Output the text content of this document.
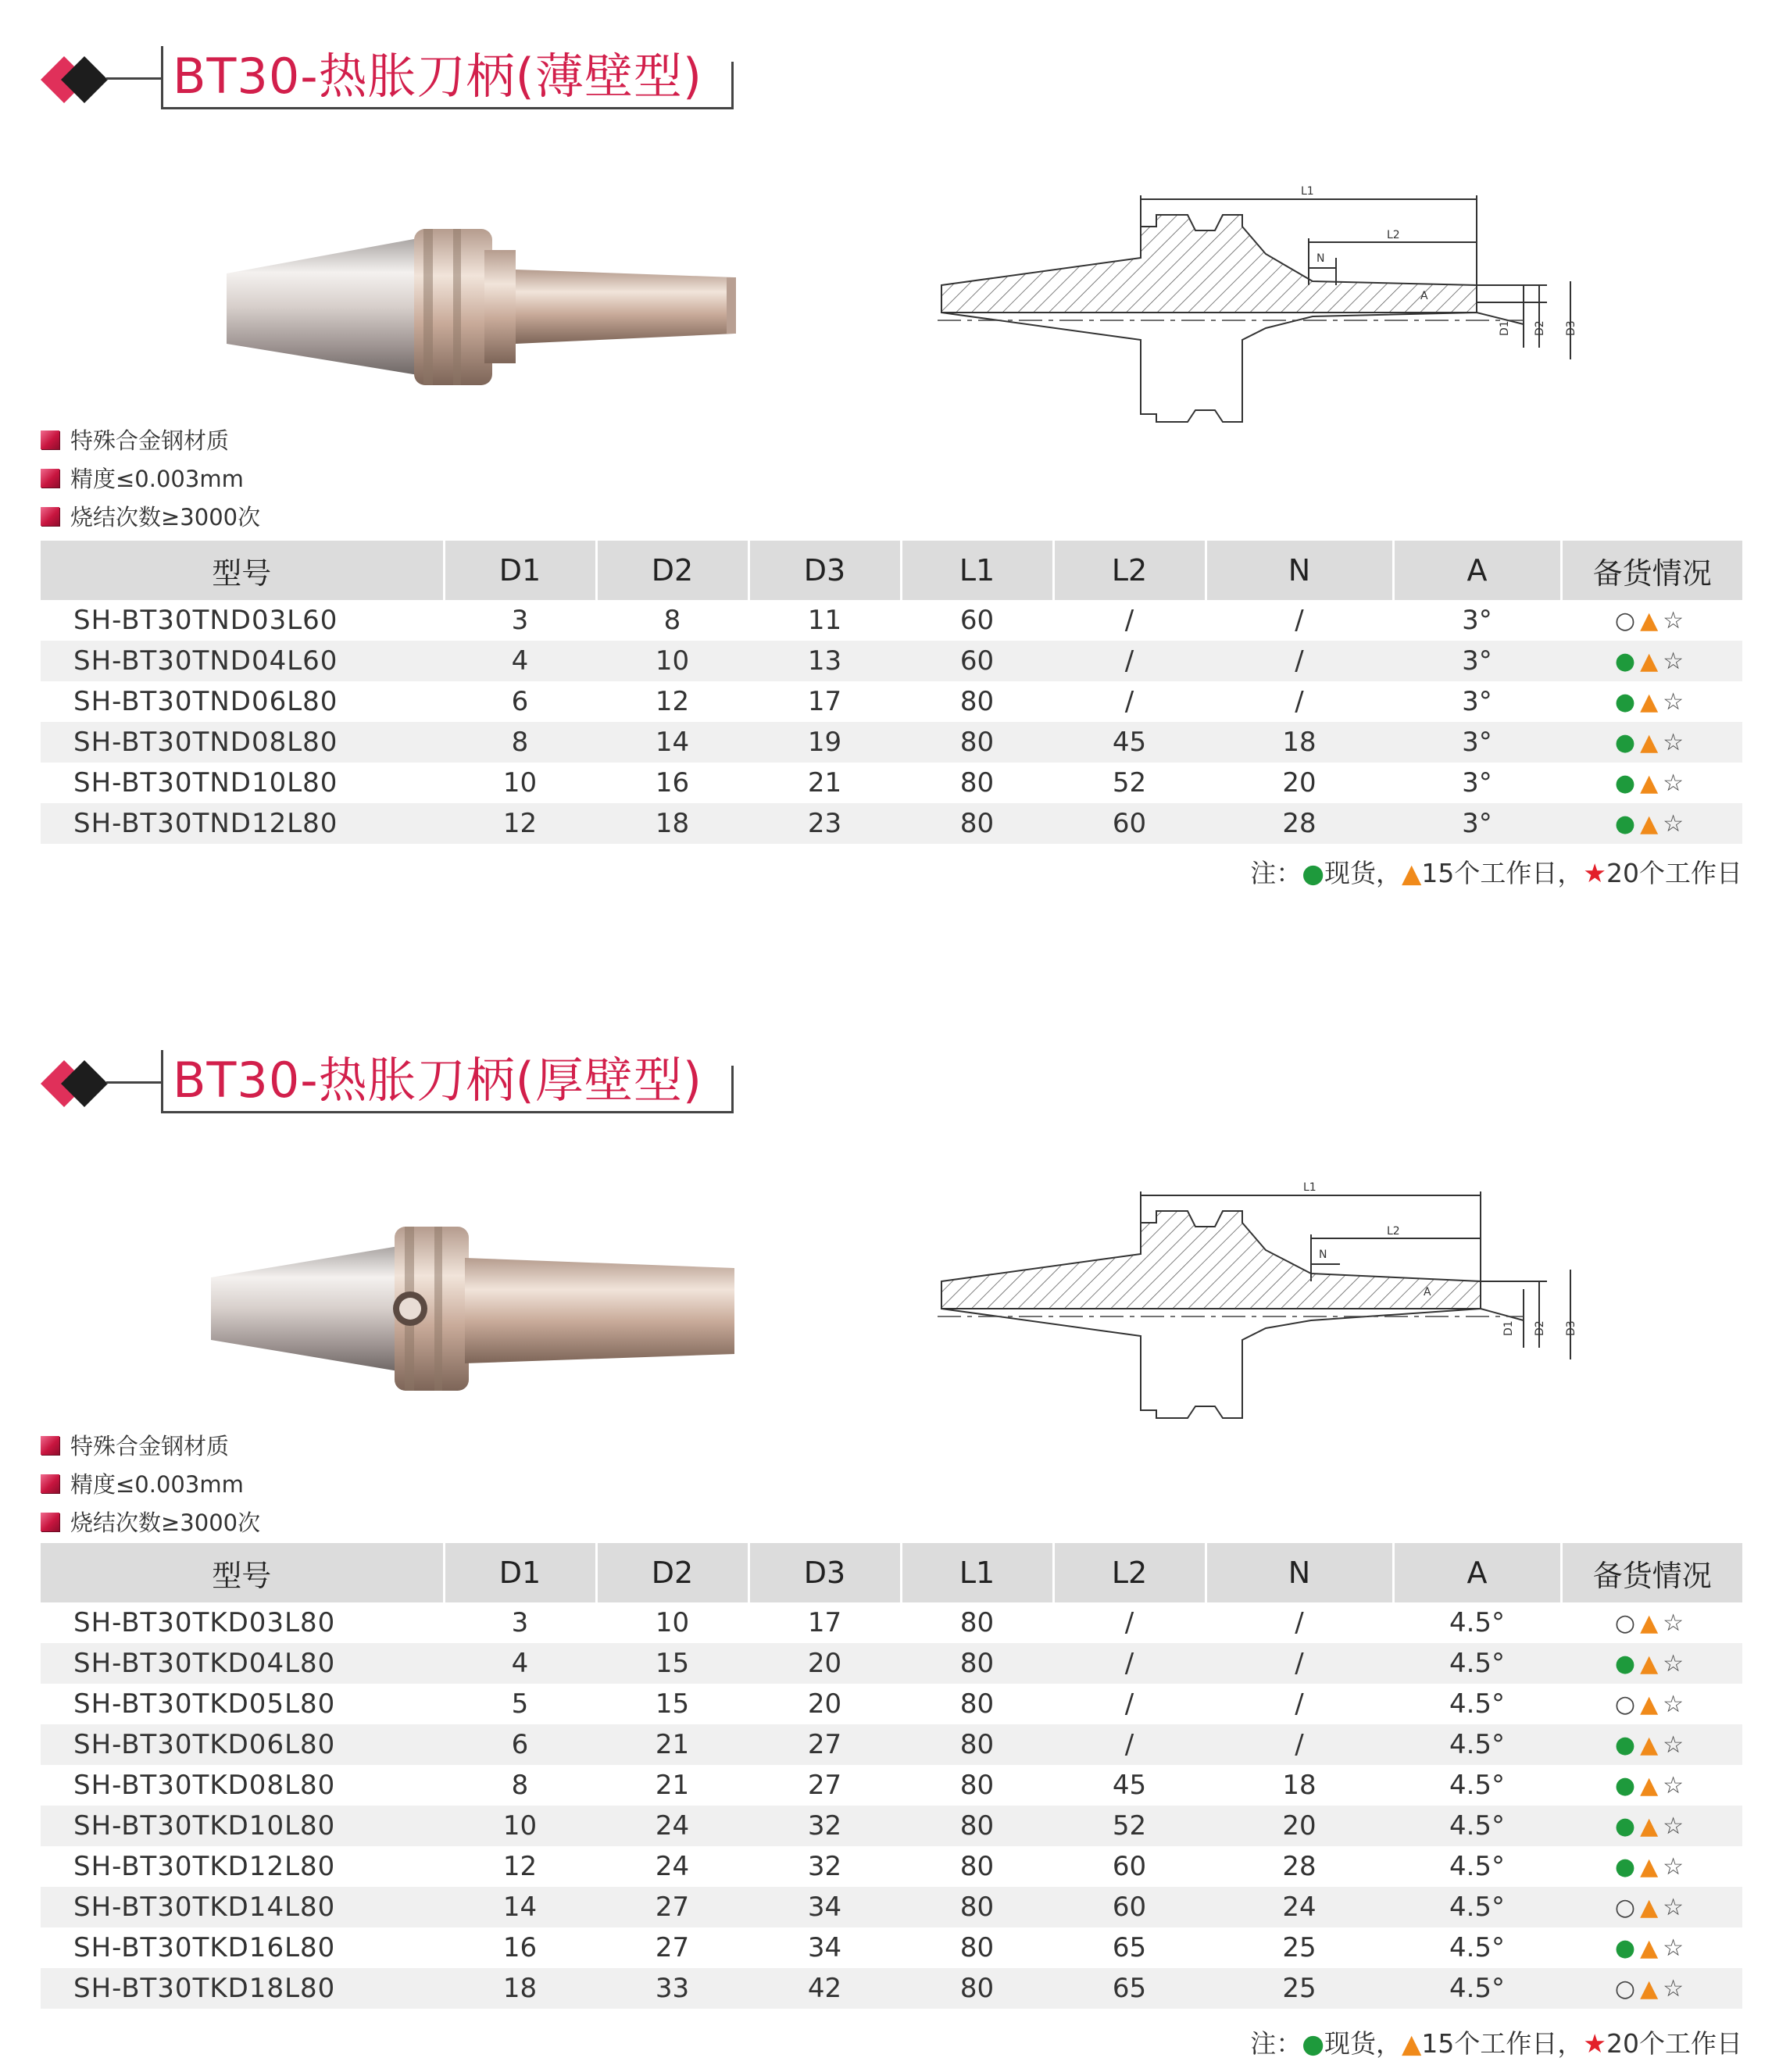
BT30-热胀刀柄(薄壁型)
L1
L2
N
A
D1 D2 D3
特殊合金钢材质
精度≤0.003mm
烧结次数≥3000次
型号	D1	D2	D3	L1	L2	N	A	备货情况
SH-BT30TND03L60	3	8	11	60	/	/	3°	○▲☆
SH-BT30TND04L60	4	10	13	60	/	/	3°	●▲☆
SH-BT30TND06L80	6	12	17	80	/	/	3°	●▲☆
SH-BT30TND08L80	8	14	19	80	45	18	3°	●▲☆
SH-BT30TND10L80	10	16	21	80	52	20	3°	●▲☆
SH-BT30TND12L80	12	18	23	80	60	28	3°	●▲☆
注：●现货，▲15个工作日，★20个工作日
BT30-热胀刀柄(厚壁型)
L1
L2
N
A
D1 D2 D3
特殊合金钢材质
精度≤0.003mm
烧结次数≥3000次
型号	D1	D2	D3	L1	L2	N	A	备货情况
SH-BT30TKD03L80	3	10	17	80	/	/	4.5°	○▲☆
SH-BT30TKD04L80	4	15	20	80	/	/	4.5°	●▲☆
SH-BT30TKD05L80	5	15	20	80	/	/	4.5°	○▲☆
SH-BT30TKD06L80	6	21	27	80	/	/	4.5°	●▲☆
SH-BT30TKD08L80	8	21	27	80	45	18	4.5°	●▲☆
SH-BT30TKD10L80	10	24	32	80	52	20	4.5°	●▲☆
SH-BT30TKD12L80	12	24	32	80	60	28	4.5°	●▲☆
SH-BT30TKD14L80	14	27	34	80	60	24	4.5°	○▲☆
SH-BT30TKD16L80	16	27	34	80	65	25	4.5°	●▲☆
SH-BT30TKD18L80	18	33	42	80	65	25	4.5°	○▲☆
注：●现货，▲15个工作日，★20个工作日
